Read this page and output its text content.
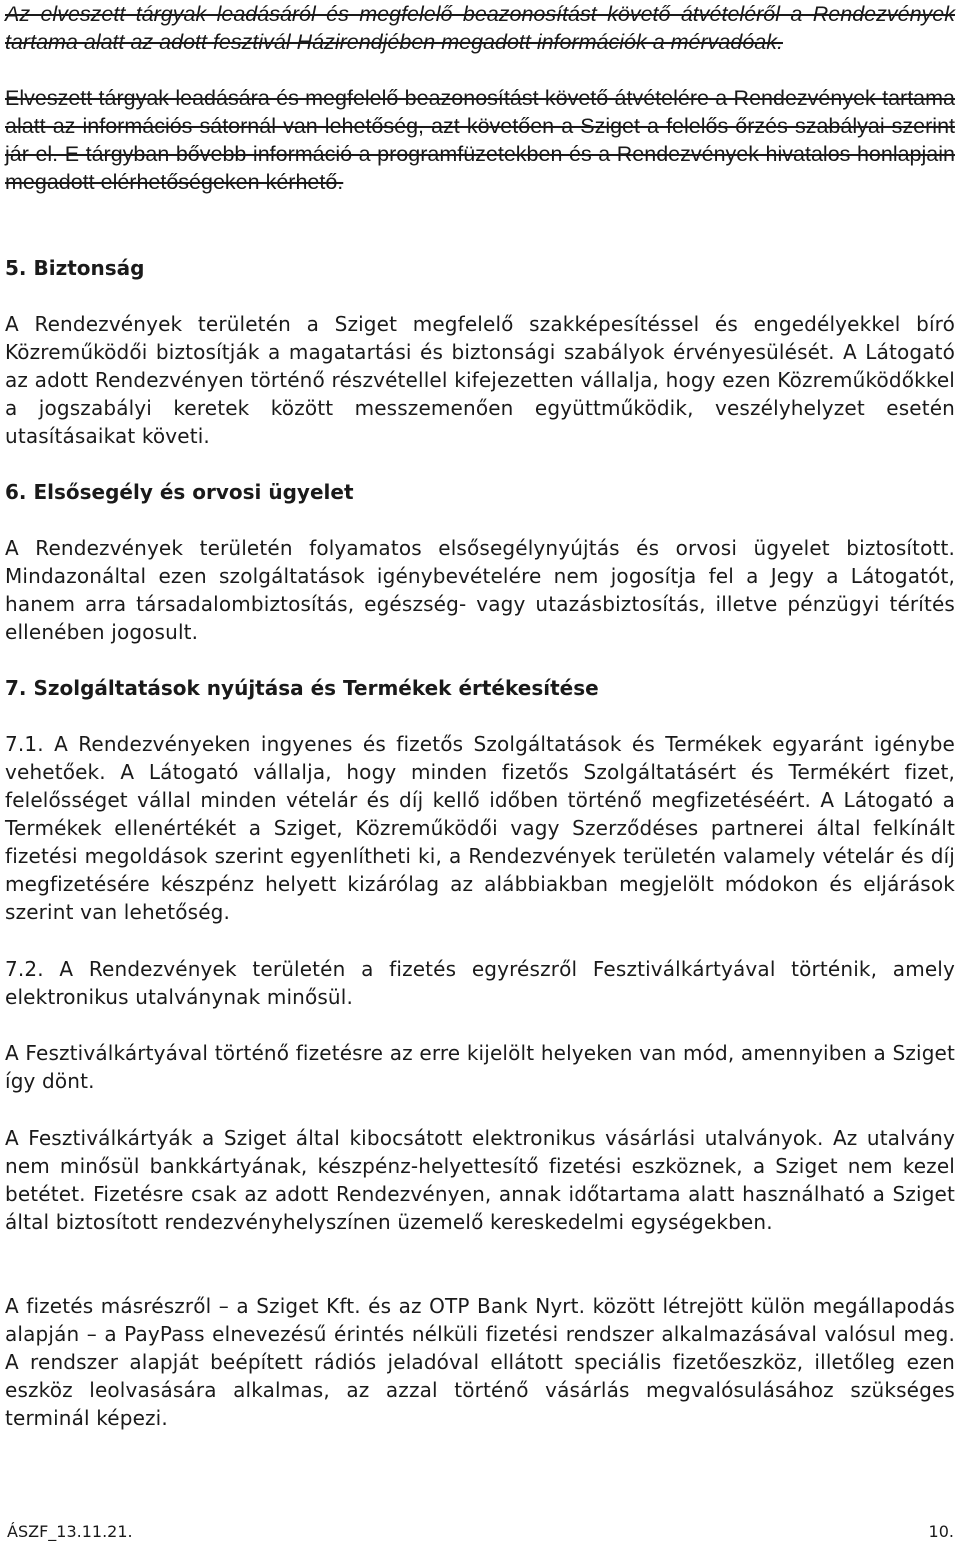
Az elveszett tárgyak leadásáról és megfelelő beazonosítást követő átvételéről a Rendezvények tartama alatt az adott fesztivál Házirendjében megadott információk a mérvadóak.

Elveszett tárgyak leadására és megfelelő beazonosítást követő átvételére a Rendezvények tartama alatt az információs sátornál van lehetőség, azt követően a Sziget a felelős őrzés szabályai szerint jár el. E tárgyban bővebb információ a programfüzetekben és a Rendezvények hivatalos honlapjain megadott elérhetőségeken kérhető.

5. Biztonság

A Rendezvények területén a Sziget megfelelő szakképesítéssel és engedélyekkel bíró Közreműködői biztosítják a magatartási és biztonsági szabályok érvényesülését. A Látogató az adott Rendezvényen történő részvétellel kifejezetten vállalja, hogy ezen Közreműködőkkel a jogszabályi keretek között messzemenően együttműködik, veszélyhelyzet esetén utasításaikat követi.

6. Elsősegély és orvosi ügyelet

A Rendezvények területén folyamatos elsősegélynyújtás és orvosi ügyelet biztosított. Mindazonáltal ezen szolgáltatások igénybevételére nem jogosítja fel a Jegy a Látogatót, hanem arra társadalombiztosítás, egészség- vagy utazásbiztosítás, illetve pénzügyi térítés ellenében jogosult.

7. Szolgáltatások nyújtása és Termékek értékesítése

7.1. A Rendezvényeken ingyenes és fizetős Szolgáltatások és Termékek egyaránt igénybe vehetőek. A Látogató vállalja, hogy minden fizetős Szolgáltatásért és Termékért fizet, felelősséget vállal minden vételár és díj kellő időben történő megfizetéséért. A Látogató a Termékek ellenértékét a Sziget, Közreműködői vagy Szerződéses partnerei által felkínált fizetési megoldások szerint egyenlítheti ki, a Rendezvények területén valamely vételár és díj megfizetésére készpénz helyett kizárólag az alábbiakban megjelölt módokon és eljárások szerint van lehetőség.

7.2. A Rendezvények területén a fizetés egyrészről Fesztiválkártyával történik, amely elektronikus utalványnak minősül.

A Fesztiválkártyával történő fizetésre az erre kijelölt helyeken van mód, amennyiben a Sziget így dönt.

A Fesztiválkártyák a Sziget által kibocsátott elektronikus vásárlási utalványok. Az utalvány nem minősül bankkártyának, készpénz-helyettesítő fizetési eszköznek, a Sziget nem kezel betétet. Fizetésre csak az adott Rendezvényen, annak időtartama alatt használható a Sziget által biztosított rendezvényhelyszínen üzemelő kereskedelmi egységekben.

A fizetés másrészről – a Sziget Kft. és az OTP Bank Nyrt. között létrejött külön megállapodás alapján – a PayPass elnevezésű érintés nélküli fizetési rendszer alkalmazásával valósul meg. A rendszer alapját beépített rádiós jeladóval ellátott speciális fizetőeszköz, illetőleg ezen eszköz leolvasására alkalmas, az azzal történő vásárlás megvalósulásához szükséges terminál képezi.

ÁSZF_13.11.21.	10.
